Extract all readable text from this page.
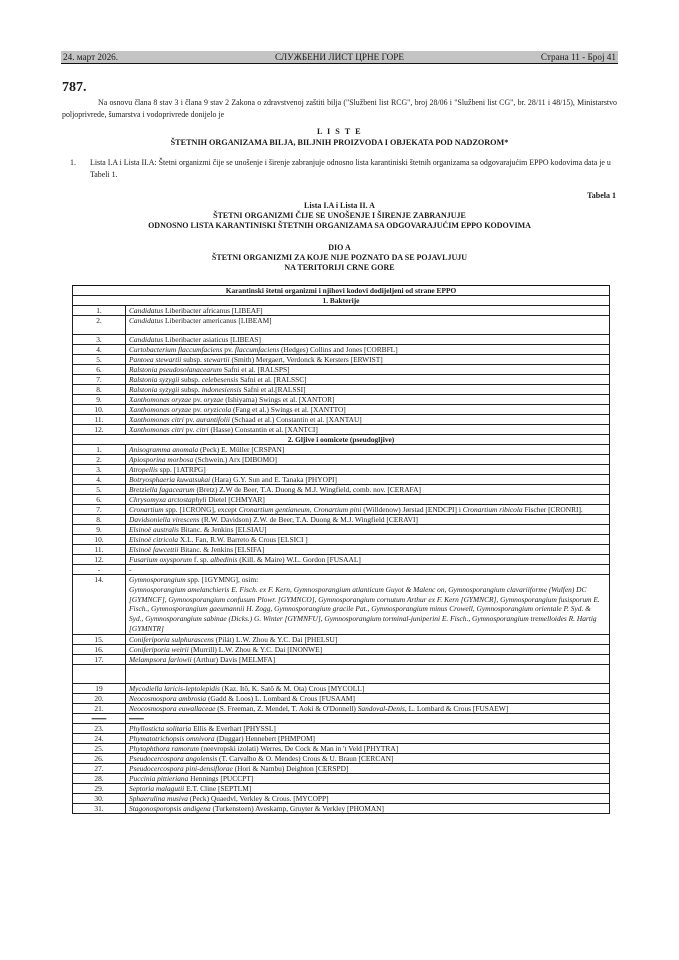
24. март 2026.	СЛУЖБЕНИ ЛИСТ ЦРНЕ ГОРЕ	Страна 11 - Број 41
787.
Na osnovu člana 8 stav 3 i člana 9 stav 2 Zakona o zdravstvenoj zaštiti bilja ("Službeni list RCG", broj 28/06 i "Službeni list CG", br. 28/11 i 48/15), Ministarstvo poljoprivrede, šumarstva i vodoprivrede donijelo je
L I S T E
ŠTETNIH ORGANIZAMA BILJA, BILJNIH PROIZVODA I OBJEKATA POD NADZOROM*
1. Lista I.A i Lista II.A: Štetni organizmi čije se unošenje i širenje zabranjuje odnosno lista karantiniski štetnih organizama sa odgovarajućim EPPO kodovima data je u Tabeli 1.
Tabela 1
Lista I.A i Lista II. A
ŠTETNI ORGANIZMI ČIJE SE UNOŠENJE I ŠIRENJE ZABRANJUJE
ODNOSNO LISTA KARANTINISKI ŠTETNIH ORGANIZAMA SA ODGOVARAJUĆIM EPPO KODOVIMA
DIO A
ŠTETNI ORGANIZMI ZA KOJE NIJE POZNATO DA SE POJAVLJUJU
NA TERITORIJI CRNE GORE
Karantinski štetni organizmi i njihovi kodovi dodijeljeni od strane EPPO	
1. Bakterije	
1.	Candidatus Liberibacter africanus [LIBEAF]
2.	Candidatus Liberibacter americanus [LIBEAM]
3.	Candidatus Liberibacter asiaticus [LIBEAS]
4.	Curtobacterium flaccumfaciens pv. flaccumfaciens (Hedges) Collins and Jones [CORBFL]
5.	Pantoea stewartii subsp. stewartii (Smith) Mergaert, Verdonck & Kersters [ERWIST]
6.	Ralstonia pseudosolanacearum Safni et al. [RALSPS]
7.	Ralstonia syzygii subsp. celebesensis Safni et al. [RALSSC]
8.	Ralstonia syzygii subsp. indonesiensis Safni et al.[RALSSI]
9.	Xanthomonas oryzae pv. oryzae (Ishiyama) Swings et al. [XANTOR]
10.	Xanthomonas oryzae pv. oryzicola (Fang et al.) Swings et al. [XANTTO]
11.	Xanthomonas citri pv. aurantifolii (Schaad et al.) Constantin et al. [XANTAU]
12.	Xanthomonas citri pv. citri (Hasse) Constantin et al. [XANTCI]
2. Gljive i oomicete (pseudogljive)	
1.	Anisogramma anomala (Peck) E. Müller [CRSPAN]
2.	Apiosporina morbosa (Schwein.) Arx [DIBOMO]
3.	Atropellis spp. [1ATRPG]
4.	Botryosphaeria kuwatsukai (Hara) G.Y. Sun and E. Tanaka [PHYOPI]
5.	Bretziella fagacearum (Bretz) Z.W de Beer, T.A. Duong & M.J. Wingfield, comb. nov. [CERAFA]
6.	Chrysomyxa arctostaphyli Dietel [CHMYAR]
7.	Cronartium spp. [1CRONG], except Cronartium gentianeum, Cronartium pini (Willdenow) Jørstad [ENDCPI] i Cronartium ribicola Fischer [CRONRI].
8.	Davidsoniella virescens (R.W. Davidson) Z.W. de Beer, T.A. Duong & M.J. Wingfield [CERAVI]
9.	Elsinoë australis Bitanc. & Jenkins [ELSIAU]
10.	Elsinoë citricola X.L. Fan, R.W. Barreto & Crous [ELSICI ]
11.	Elsinoë fawcettii Bitanc. & Jenkins [ELSIFA]
12.	Fusarium oxysporum f. sp. albedinis (Kill. & Maire) W.L. Gordon [FUSAAL]
-	-
14.	Gymnosporangium spp. [1GYMNG], osim:
Gymnosporangium amelanchieris E. Fisch. ex F. Kern, Gymnosporangium atlanticum Guyot & Malenc on, Gymnosporangium clavariiforme (Wulfen) DC [GYMNCF], Gymnosporangium confusum Plowr. [GYMNCO], Gymnosporangium cornutum Arthur ex F. Kern [GYMNCR], Gymnosporangium fusisporum E. Fisch., Gymnosporangium gaeumannii H. Zogg, Gymnosporangium gracile Pat., Gymnosporangium minus Crowell, Gymnosporangium orientale P. Syd. & Syd., Gymnosporangium sabinae (Dicks.) G. Winter [GYMNFU], Gymnosporangium torminal-juniperini E. Fisch., Gymnosporangium tremelloides R. Hartig [GYMNTR]

15.	Coniferiporia sulphurascens (Pilát) L.W. Zhou & Y.C. Dai [PHELSU]
16.	Coniferiporia weirii (Murrill) L.W. Zhou & Y.C. Dai [INONWE]
17.	Melampsora farlowii (Arthur) Davis [MELMFA]

19	Mycodiella laricis-leptolepidis (Kaz. Itô, K. Satô & M. Ota) Crous [MYCOLL]
20.	Neocosmospora ambrosia (Gadd & Loos) L. Lombard & Crous [FUSAAM]
21.	Neocosmospora euwallaceae (S. Freeman, Z. Mendel, T. Aoki & O'Donnell) Sandoval-Denis, L. Lombard & Crous [FUSAEW]
——	——
23.	Phyllosticta solitaria Ellis & Everhart [PHYSSL]
24.	Phymatotrichopsis omnivora (Duggar) Hennebert [PHMPOM]
25.	Phytophthora ramorum (neevropski izolati) Werres, De Cock & Man in 't Veld [PHYTRA]
26.	Pseudocercospora angolensis (T. Carvalho & O. Mendes) Crous & U. Braun [CERCAN]
27.	Pseudocercospora pini-densiflorae (Hori & Nambu) Deighton [CERSPD]
28.	Puccinia pittieriana Hennings [PUCCPT]
29.	Septoria malagutii E.T. Cline [SEPTLM]
30.	Sphaerulina musiva (Peck) Quaedvl, Verkley & Crous. [MYCOPP]
31.	Stagonosporopsis andigena (Turkensteen) Aveskamp, Gruyter & Verkley [PHOMAN]
